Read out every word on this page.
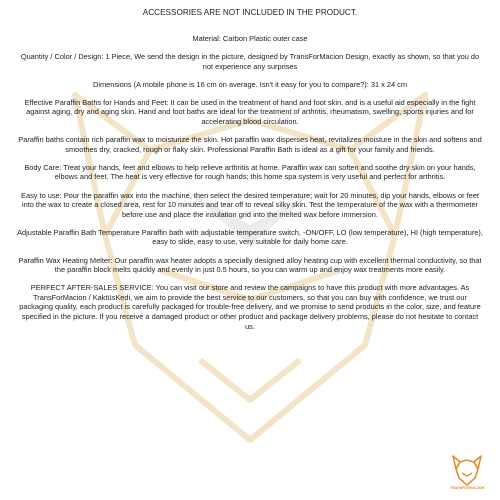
ACCESSORIES ARE NOT INCLUDED IN THE PRODUCT.

Material: Carbon Plastic outer case

Quantity / Color / Design: 1 Piece, We send the design in the picture, designed by TransForMacion Design, exactly as shown, so that you do not experience any surprises

Dimensions (A mobile phone is 16 cm on average. Isn't it easy for you to compare?): 31 x 24 cm

Effective Paraffin Baths for Hands and Feet: It can be used in the treatment of hand and foot skin, and is a useful aid especially in the fight against aging, dry and aging skin. Hand and foot baths are ideal for the treatment of arthritis, rheumatism, swelling, sports injuries and for accelerating blood circulation.

Paraffin baths contain rich paraffin wax to moisturize the skin. Hot paraffin wax disperses heat, revitalizes moisture in the skin and softens and smoothes dry, cracked, rough or flaky skin. Professional Paraffin Bath is ideal as a gift for your family and friends.

Body Care: Treat your hands, feet and elbows to help relieve arthritis at home. Paraffin wax can soften and soothe dry skin on your hands, elbows and feet. The heat is very effective for rough hands; this home spa system is very useful and perfect for arthritis.

Easy to use: Pour the paraffin wax into the machine, then select the desired temperature; wait for 20 minutes, dip your hands, elbows or feet into the wax to create a closed area, rest for 10 minutes and tear off to reveal silky skin. Test the temperature of the wax with a thermometer before use and place the insulation grid into the melted wax before immersion.

Adjustable Paraffin Bath Temperature Paraffin bath with adjustable temperature switch, -ON/OFF, LO (low temperature), HI (high temperature), easy to slide, easy to use, very suitable for daily home care.

Paraffin Wax Heating Melter: Our paraffin wax heater adopts a specially designed alloy heating cup with excellent thermal conductivity, so that the paraffin block melts quickly and evenly in just 0.5 hours, so you can warm up and enjoy wax treatments more easily.

PERFECT AFTER-SALES SERVICE: You can visit our store and review the campaigns to have this product with more advantages. As TransForMacion / KaktüsKedi, we aim to provide the best service to our customers, so that you can buy with confidence, we trust our packaging quality, each product is carefully packaged for trouble-free delivery, and we promise to send products in the color, size, and feature specified in the picture. If you receive a damaged product or other product and package delivery problems, please do not hesitate to contact us.

TRANSFORMACION
